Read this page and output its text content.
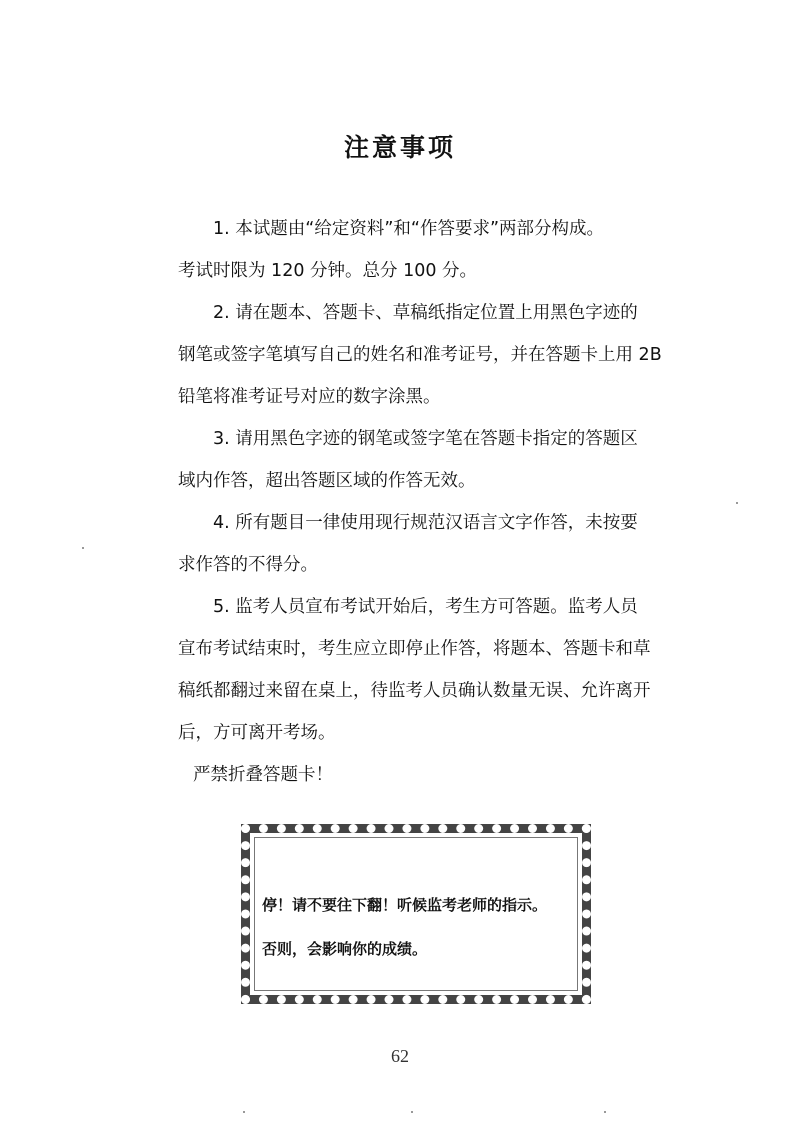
注意事项
1. 本试题由“给定资料”和“作答要求”两部分构成。
考试时限为 120 分钟。总分 100 分。
2. 请在题本、答题卡、草稿纸指定位置上用黑色字迹的
钢笔或签字笔填写自己的姓名和准考证号，并在答题卡上用 2B
铅笔将准考证号对应的数字涂黑。
3. 请用黑色字迹的钢笔或签字笔在答题卡指定的答题区
域内作答，超出答题区域的作答无效。
4. 所有题目一律使用现行规范汉语言文字作答，未按要
求作答的不得分。
5. 监考人员宣布考试开始后，考生方可答题。监考人员
宣布考试结束时，考生应立即停止作答，将题本、答题卡和草
稿纸都翻过来留在桌上，待监考人员确认数量无误、允许离开
后，方可离开考场。
严禁折叠答题卡！
停！请不要往下翻！听候监考老师的指示。
否则，会影响你的成绩。
62
